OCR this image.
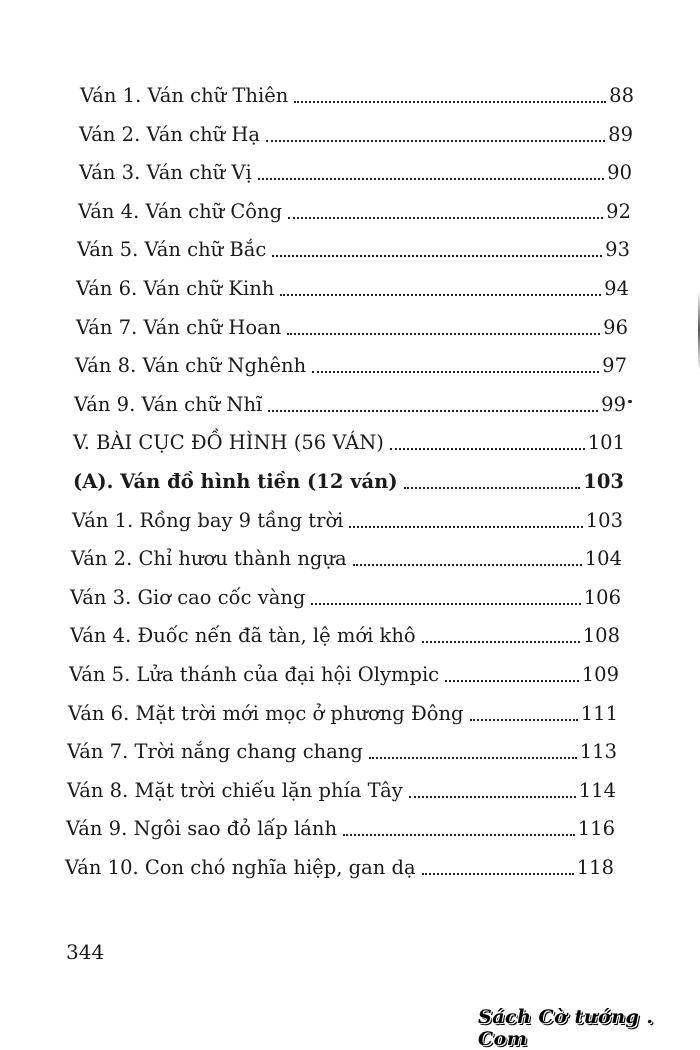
Ván 1. Ván chữ Thiên	88
Ván 2. Ván chữ Hạ	89
Ván 3. Ván chữ Vị	90
Ván 4. Ván chữ Công	92
Ván 5. Ván chữ Bắc	93
Ván 6. Ván chữ Kinh	94
Ván 7. Ván chữ Hoan	96
Ván 8. Ván chữ Nghênh	97
Ván 9. Ván chữ Nhĩ	99
V. BÀI CỤC ĐỒ HÌNH (56 VÁN)	101
(A). Ván đồ hình tiền (12 ván)	103
Ván 1. Rồng bay 9 tầng trời	103
Ván 2. Chỉ hươu thành ngựa	104
Ván 3. Giơ cao cốc vàng	106
Ván 4. Đuốc nến đã tàn, lệ mới khô	108
Ván 5. Lửa thánh của đại hội Olympic	109
Ván 6. Mặt trời mới mọc ở phương Đông	111
Ván 7. Trời nắng chang chang	113
Ván 8. Mặt trời chiếu lặn phía Tây	114
Ván 9. Ngôi sao đỏ lấp lánh	116
Ván 10. Con chó nghĩa hiệp, gan dạ	118
344
Sách Cờ tướng . Com
